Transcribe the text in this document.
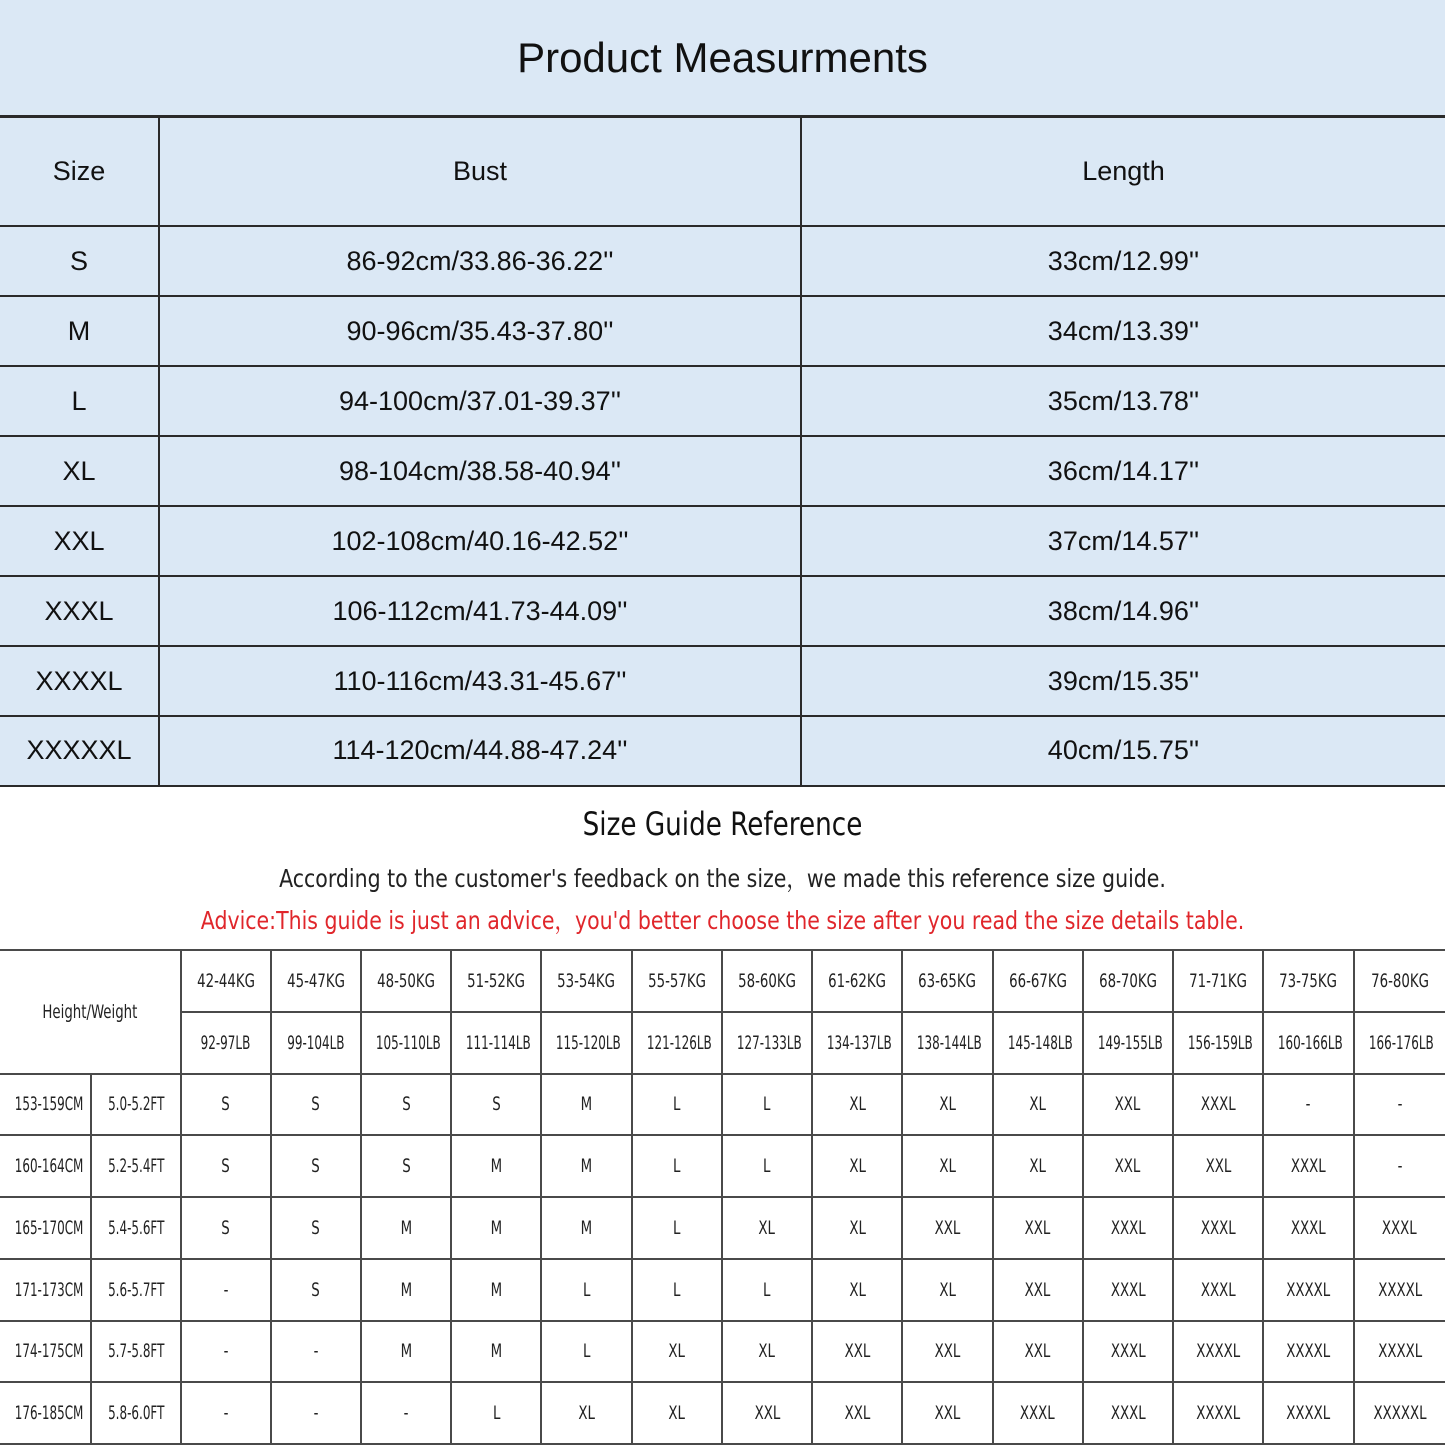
Product Measurments
Size	Bust	Length
S	86-92cm/33.86-36.22''	33cm/12.99''
M	90-96cm/35.43-37.80''	34cm/13.39''
L	94-100cm/37.01-39.37''	35cm/13.78''
XL	98-104cm/38.58-40.94''	36cm/14.17''
XXL	102-108cm/40.16-42.52''	37cm/14.57''
XXXL	106-112cm/41.73-44.09''	38cm/14.96''
XXXXL	110-116cm/43.31-45.67''	39cm/15.35''
XXXXXL	114-120cm/44.88-47.24''	40cm/15.75''
Size Guide Reference
According to the customer's feedback on the size，we made this reference size guide.
Advice:This guide is just an advice，you'd better choose the size after you read the size details table.
Height/Weight		42-44KG	45-47KG	48-50KG	51-52KG	53-54KG	55-57KG	58-60KG	61-62KG	63-65KG	66-67KG	68-70KG	71-71KG	73-75KG	76-80KG
		92-97LB	99-104LB	105-110LB	111-114LB	115-120LB	121-126LB	127-133LB	134-137LB	138-144LB	145-148LB	149-155LB	156-159LB	160-166LB	166-176LB
153-159CM	5.0-5.2FT	S	S	S	S	M	L	L	XL	XL	XL	XXL	XXXL	-	-
160-164CM	5.2-5.4FT	S	S	S	M	M	L	L	XL	XL	XL	XXL	XXL	XXXL	-
165-170CM	5.4-5.6FT	S	S	M	M	M	L	XL	XL	XXL	XXL	XXXL	XXXL	XXXL	XXXL
171-173CM	5.6-5.7FT	-	S	M	M	L	L	L	XL	XL	XXL	XXXL	XXXL	XXXXL	XXXXL
174-175CM	5.7-5.8FT	-	-	M	M	L	XL	XL	XXL	XXL	XXL	XXXL	XXXXL	XXXXL	XXXXL
176-185CM	5.8-6.0FT	-	-	-	L	XL	XL	XXL	XXL	XXL	XXXL	XXXL	XXXXL	XXXXL	XXXXXL
